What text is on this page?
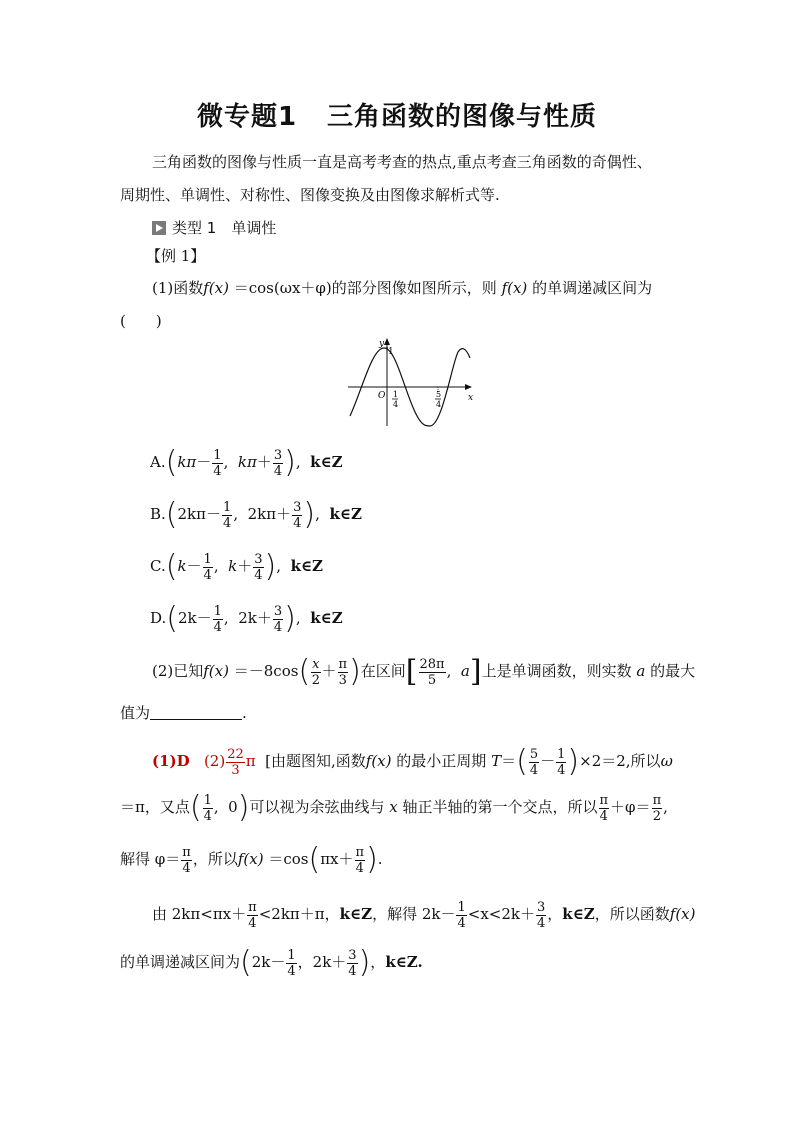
微专题1 三角函数的图像与性质
三角函数的图像与性质一直是高考考查的热点,重点考查三角函数的奇偶性、
周期性、单调性、对称性、图像变换及由图像求解析式等.
类型 1　 单调性
【例 1】
(1)函数f(x) ＝cos(ωx＋φ)的部分图像如图所示，则 f(x) 的单调递减区间为
(　　)
y
x
1
O 1
4
5
4
$A.(k\pi- \frac{1}{4}$ ,  $k\pi+ \frac{3}{4}$ ),  k∈Z
$B.(2k\pi- \frac{1}{4}$ ,  $2k\pi+ \frac{3}{4}$ ),  k∈Z
$C.(k- \frac{1}{4}$ ,  $k+ \frac{3}{4}$ ),  k∈Z
$D.(2k- \frac{1}{4}$ ,  $2k+ \frac{3}{4}$ ),  k∈Z
(2)已知$f(x) =-8\cos( \frac{x}{2} + \frac{\pi}{3}$ )在区间[ $\frac{28\pi}{5}$ ,  a]上是单调函数，则实数 a 的最大
值为	.
(1)D $(2) \frac{22}{3}$ π [由题图知,函数f(x) 的最小正周期 $T=( \frac{5}{4} - \frac{1}{4} )\times 2=2$,所以ω
＝π，又点( $\frac{1}{4}$ ,  0)可以视为余弦曲线与 x 轴正半轴的第一个交点，所以 $\frac{\pi}{4} +\varphi= \frac{\pi}{2}$ ,
解得 $\varphi= \frac{\pi}{4}$ ，所以$f(x) =\cos(\pi x+ \frac{\pi}{4}$ ).
由 $2k\pi<\pi x+ \frac{\pi}{4} <2k\pi+\pi$，k∈Z，解得 $2k- \frac{1}{4} <x<2k+ \frac{3}{4}$ ，k∈Z，所以函数f(x)
的单调递减区间为($2k- \frac{1}{4}$ ，$2k+ \frac{3}{4}$ )，k∈Z.
